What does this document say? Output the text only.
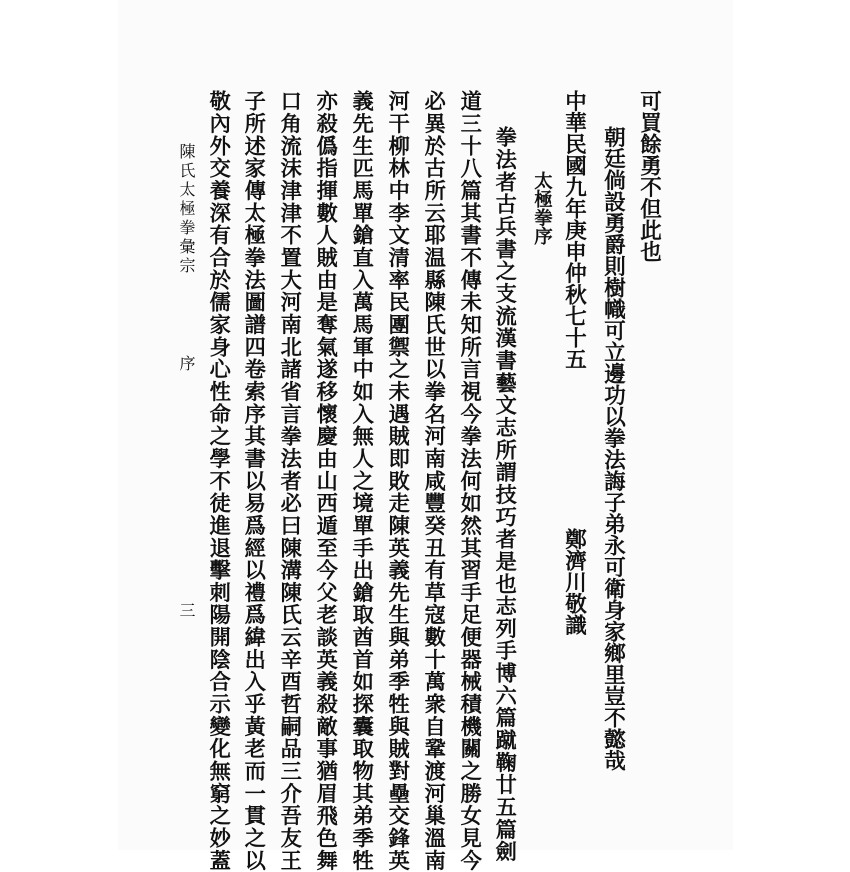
可買餘勇不但此也
朝廷倘設勇爵則樹幟可立邊功以拳法誨子弟永可衛身家鄉里豈不懿哉
中華民國九年庚申仲秋七十五
鄭濟川敬識
太極拳序
拳法者古兵書之支流漢書藝文志所謂技巧者是也志列手博六篇蹴鞠廿五篇劍
道三十八篇其書不傳未知所言視今拳法何如然其習手足便器械積機關之勝女見今
必異於古所云耶温縣陳氏世以拳名河南咸豐癸丑有草寇數十萬衆自鞏渡河巢溫南
河干柳林中李文清率民團禦之未遇賊即敗走陳英義先生與弟季牲與賊對壘交鋒英
義先生匹馬單鎗直入萬馬軍中如入無人之境單手出鎗取酋首如探囊取物其弟季牲
亦殺僞指揮數人賊由是奪氣遂移懷慶由山西遁至今父老談英義殺敵事猶眉飛色舞
口角流沫津津不置大河南北諸省言拳法者必曰陳溝陳氏云辛酉哲嗣品三介吾友王
子所述家傳太極拳法圖譜四卷索序其書以易爲經以禮爲緯出入乎黃老而一貫之以
敬內外交養深有合於儒家身心性命之學不徒進退擊刺陽開陰合示變化無窮之妙蓋
陳氏太極拳彙宗
序
三
